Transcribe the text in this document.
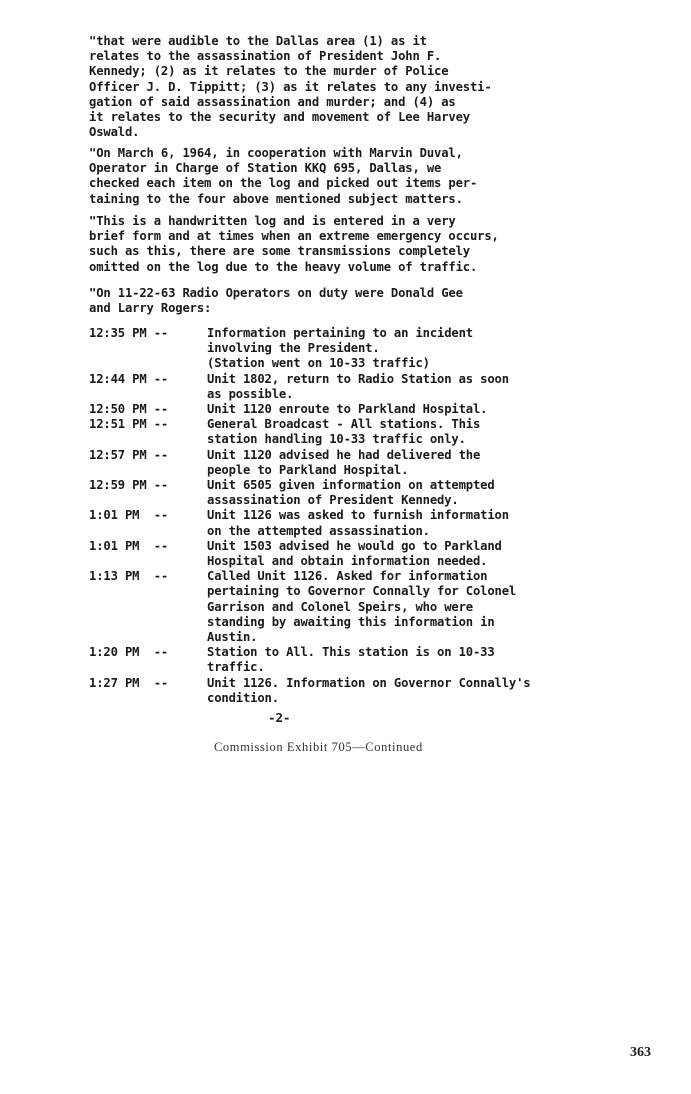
"that were audible to the Dallas area (1) as it
relates to the assassination of President John F.
Kennedy; (2) as it relates to the murder of Police
Officer J. D. Tippitt; (3) as it relates to any investi-
gation of said assassination and murder; and (4) as
it relates to the security and movement of Lee Harvey
Oswald.

"On March 6, 1964, in cooperation with Marvin Duval,
Operator in Charge of Station KKQ 695, Dallas, we
checked each item on the log and picked out items per-
taining to the four above mentioned subject matters.

"This is a handwritten log and is entered in a very
brief form and at times when an extreme emergency occurs,
such as this, there are some transmissions completely
omitted on the log due to the heavy volume of traffic.

"On 11-22-63 Radio Operators on duty were Donald Gee
and Larry Rogers:

12:35 PM --	Information pertaining to an incident
involving the President.
(Station went on 10-33 traffic)
12:44 PM --	Unit 1802, return to Radio Station as soon
as possible.
12:50 PM --	Unit 1120 enroute to Parkland Hospital.
12:51 PM --	General Broadcast - All stations. This
station handling 10-33 traffic only.
12:57 PM --	Unit 1120 advised he had delivered the
people to Parkland Hospital.
12:59 PM --	Unit 6505 given information on attempted
assassination of President Kennedy.
1:01 PM  --	Unit 1126 was asked to furnish information
on the attempted assassination.
1:01 PM  --	Unit 1503 advised he would go to Parkland
Hospital and obtain information needed.
1:13 PM  --	Called Unit 1126. Asked for information
pertaining to Governor Connally for Colonel
Garrison and Colonel Speirs, who were
standing by awaiting this information in
Austin.
1:20 PM  --	Station to All. This station is on 10-33
traffic.
1:27 PM  --	Unit 1126. Information on Governor Connally's
condition.
-2-
Commission Exhibit 705—Continued
363
